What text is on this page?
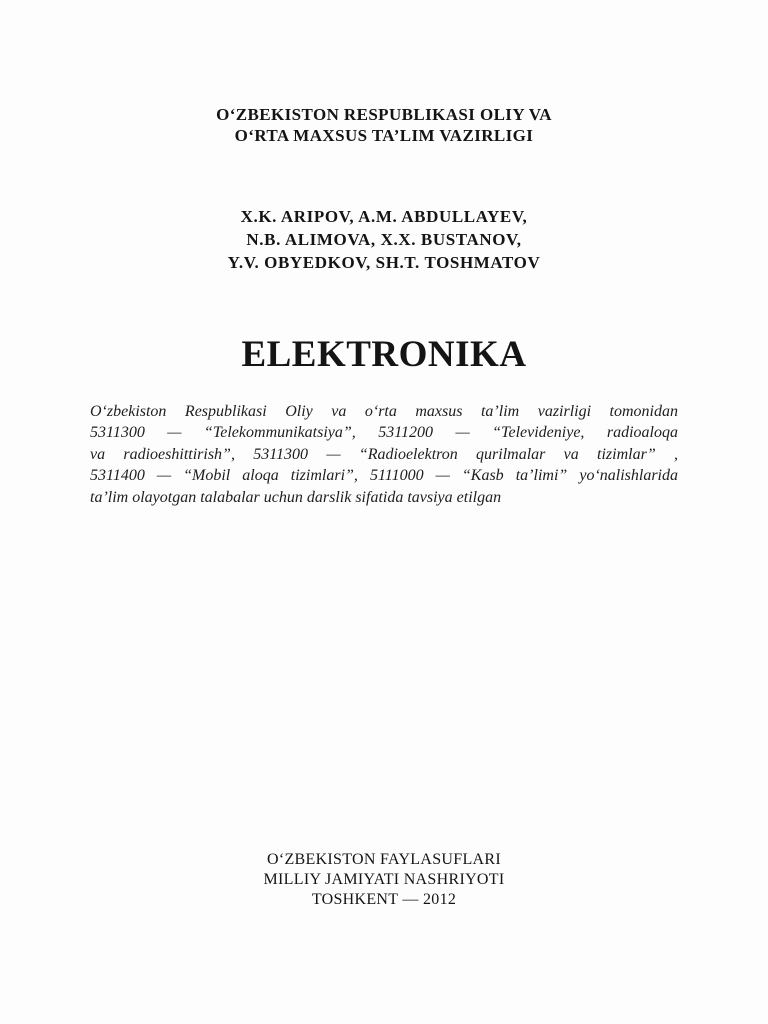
O‘ZBEKISTON RESPUBLIKASI OLIY VA
O‘RTA MAXSUS TA’LIM VAZIRLIGI
X.K. ARIPOV, A.M. ABDULLAYEV,
N.B. ALIMOVA, X.X. BUSTANOV,
Y.V. OBYEDKOV, SH.T. TOSHMATOV
ELEKTRONIKA
O‘zbekiston Respublikasi Oliy va o‘rta maxsus ta’lim vazirligi tomonidan
5311300 — “Telekommunikatsiya”, 5311200 — “Televideniye, radioaloqa
va radioeshittirish”, 5311300 — “Radioelektron qurilmalar va tizimlar” ,
5311400 — “Mobil aloqa tizimlari”, 5111000 — “Kasb ta’limi” yo‘nalishlarida
ta’lim olayotgan talabalar uchun darslik sifatida tavsiya etilgan
O‘ZBEKISTON FAYLASUFLARI
MILLIY JAMIYATI NASHRIYOTI
TOSHKENT — 2012
